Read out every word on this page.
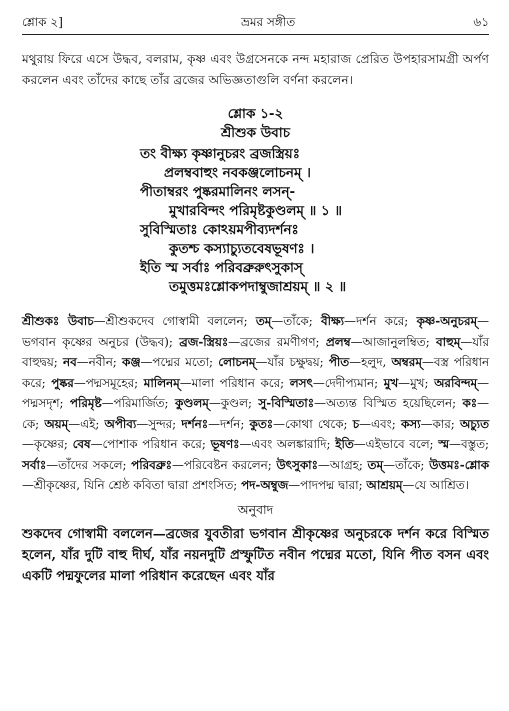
শ্লোক ২]	ভ্রমর সঙ্গীত	৬১

মথুরায় ফিরে এসে উদ্ধব, বলরাম, কৃষ্ণ এবং উগ্রসেনকে নন্দ মহারাজ প্রেরিত উপহারসামগ্রী অর্পণ করলেন এবং তাঁদের কাছে তাঁর ব্রজের অভিজ্ঞতাগুলি বর্ণনা করলেন।

শ্লোক ১-২
শ্রীশুক উবাচ
তং বীক্ষ্য কৃষ্ণানুচরং ব্রজস্ত্রিয়ঃ
প্রলম্ববাহুং নবকঞ্জলোচনম্ ।
পীতাম্বরং পুষ্করমালিনং লসন্-
মুখারবিন্দং পরিমৃষ্টকুণ্ডলম্ ॥ ১ ॥
সুবিস্মিতাঃ কোঽয়মপীব্যদর্শনঃ
কুতশ্চ কস্যাচ্যুতবেষভূষণঃ ।
ইতি স্ম সর্বাঃ পরিবব্রুরুৎসুকাস্
তমুত্তমঃশ্লোকপদাম্বুজাশ্রয়ম্ ॥ ২ ॥
শ্রীশুকঃ উবাচ—শ্রীশুকদেব গোস্বামী বললেন; তম্—তাঁকে; বীক্ষ্য—দর্শন করে; কৃষ্ণ-অনুচরম্—ভগবান কৃষ্ণের অনুচর (উদ্ধব); ব্রজ-স্ত্রিয়ঃ—ব্রজের রমণীগণ; প্রলম্ব—আজানুলম্বিত; বাহুম্—যাঁর বাহুদ্বয়; নব—নবীন; কঞ্জ—পদ্মের মতো; লোচনম্—যাঁর চক্ষুদ্বয়; পীত—হলুদ, অম্বরম্—বস্ত্র পরিধান করে; পুষ্কর—পদ্মসমূহের; মালিনম্—মালা পরিধান করে; লসৎ—দেদীপ্যমান; মুখ—মুখ; অরবিন্দম্—পদ্মসদৃশ; পরিমৃষ্ট—পরিমার্জিত; কুণ্ডলম্—কুণ্ডল; সু-বিস্মিতাঃ—অত্যন্ত বিস্মিত হয়েছিলেন; কঃ—কে; অয়ম্—এই; অপীব্য—সুন্দর; দর্শনঃ—দর্শন; কুতঃ—কোথা থেকে; চ—এবং; কস্য—কার; অচ্যুত—কৃষ্ণের; বেষ—পোশাক পরিধান করে; ভূষণঃ—এবং অলঙ্কারাদি; ইতি—এইভাবে বলে; স্ম—বস্তুত; সর্বাঃ—তাঁদের সকলে; পরিবব্রুঃ—পরিবেষ্টন করলেন; উৎসুকাঃ—আগ্রহ; তম্—তাঁকে; উত্তমঃ-শ্লোক—শ্রীকৃষ্ণের, যিনি শ্রেষ্ঠ কবিতা দ্বারা প্রশংসিত; পদ-অম্বুজ—পাদপদ্ম দ্বারা; আশ্রয়ম্—যে আশ্রিত।
অনুবাদ

শুকদেব গোস্বামী বললেন—ব্রজের যুবতীরা ভগবান শ্রীকৃষ্ণের অনুচরকে দর্শন করে বিস্মিত হলেন, যাঁর দুটি বাহু দীর্ঘ, যাঁর নয়নদুটি প্রস্ফুটিত নবীন পদ্মের মতো, যিনি পীত বসন এবং একটি পদ্মফুলের মালা পরিধান করেছেন এবং যাঁর
